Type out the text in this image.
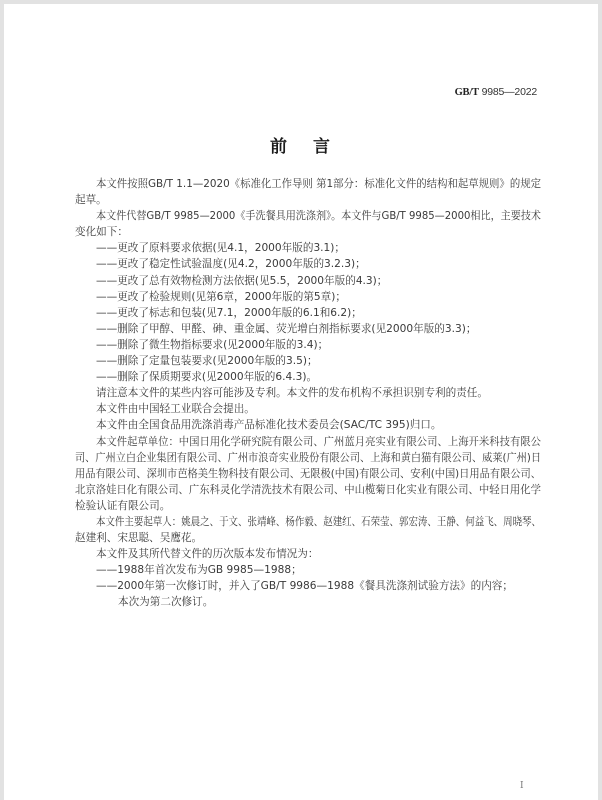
GB/T 9985—2022
前言
本文件按照GB/T 1.1—2020《标准化工作导则 第1部分：标准化文件的结构和起草规则》的规定
起草。
本文件代替GB/T 9985—2000《手洗餐具用洗涤剂》。本文件与GB/T 9985—2000相比，主要技术
变化如下：
——更改了原料要求依据(见4.1，2000年版的3.1)；
——更改了稳定性试验温度(见4.2，2000年版的3.2.3)；
——更改了总有效物检测方法依据(见5.5，2000年版的4.3)；
——更改了检验规则(见第6章，2000年版的第5章)；
——更改了标志和包装(见7.1，2000年版的6.1和6.2)；
——删除了甲醇、甲醛、砷、重金属、荧光增白剂指标要求(见2000年版的3.3)；
——删除了微生物指标要求(见2000年版的3.4)；
——删除了定量包装要求(见2000年版的3.5)；
——删除了保质期要求(见2000年版的6.4.3)。
请注意本文件的某些内容可能涉及专利。本文件的发布机构不承担识别专利的责任。
本文件由中国轻工业联合会提出。
本文件由全国食品用洗涤消毒产品标准化技术委员会(SAC/TC 395)归口。
本文件起草单位：中国日用化学研究院有限公司、广州蓝月亮实业有限公司、上海开米科技有限公
司、广州立白企业集团有限公司、广州市浪奇实业股份有限公司、上海和黄白猫有限公司、威莱(广州)日
用品有限公司、深圳市芭格美生物科技有限公司、无限极(中国)有限公司、安利(中国)日用品有限公司、
北京洛娃日化有限公司、广东科灵化学清洗技术有限公司、中山榄菊日化实业有限公司、中轻日用化学
检验认证有限公司。
本文件主要起草人：姚晨之、于文、张靖峰、杨作毅、赵建红、石荣莹、郭宏涛、王静、何益飞、周晓琴、
赵建利、宋思聪、吴鹰花。
本文件及其所代替文件的历次版本发布情况为：
——1988年首次发布为GB 9985—1988；
——2000年第一次修订时，并入了GB/T 9986—1988《餐具洗涤剂试验方法》的内容；
本次为第二次修订。
I
